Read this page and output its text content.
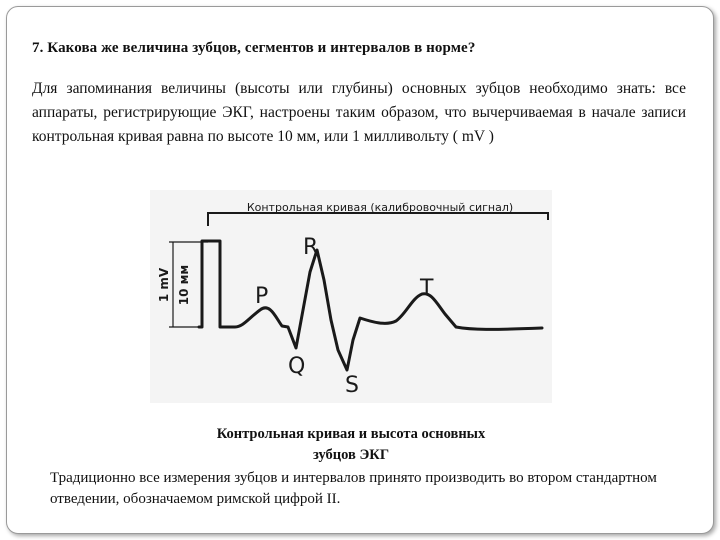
7. Какова же величина зубцов, сегментов и интервалов в норме?
Для запоминания величины (высоты или глубины) основных зубцов необходимо знать: все аппараты, регистрирующие ЭКГ, настроены таким образом, что вычерчиваемая в начале записи контрольная кривая равна по высоте 10 мм, или 1 милливольту ( mV )
Контрольная кривая (калибровочный сигнал)
1 mV 10 мм
R
P	T
Q
S
Контрольная кривая и высота основных
зубцов ЭКГ
Традиционно все измерения зубцов и интервалов принято производить во втором стандартном отведении, обозначаемом римской цифрой II.
